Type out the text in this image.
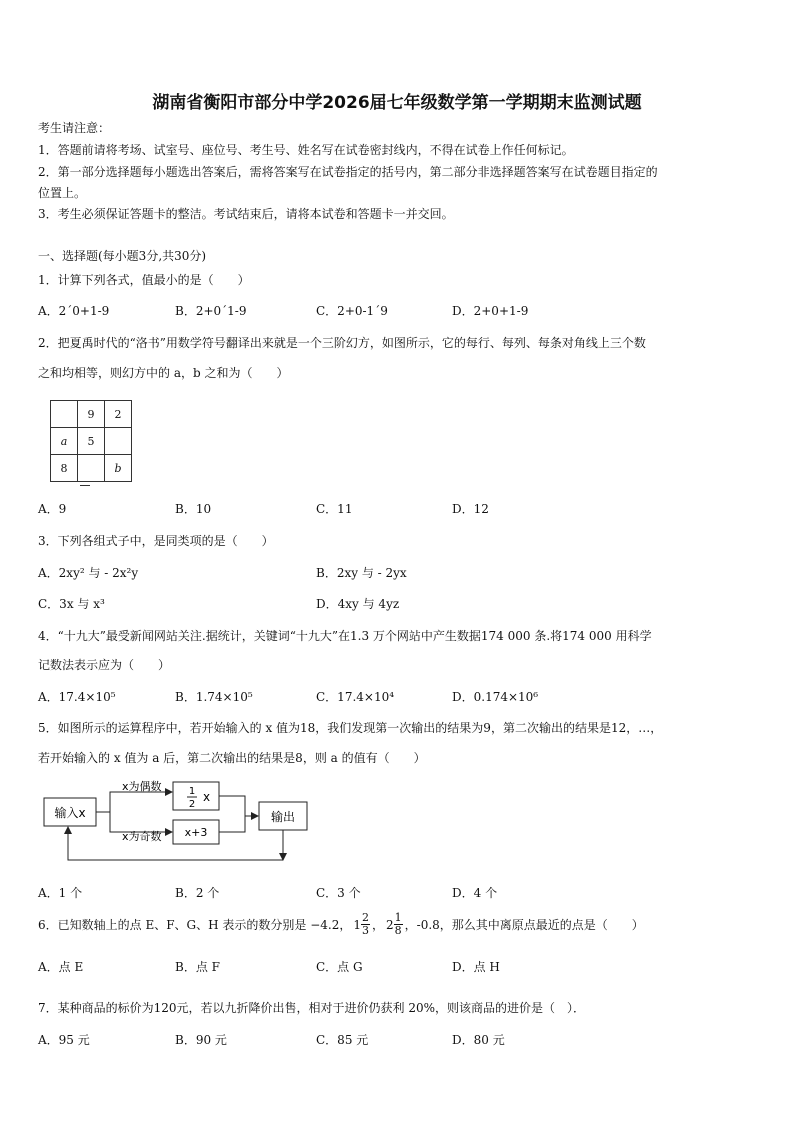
湖南省衡阳市部分中学2026届七年级数学第一学期期末监测试题
考生请注意：
1．答题前请将考场、试室号、座位号、考生号、姓名写在试卷密封线内，不得在试卷上作任何标记。
2．第一部分选择题每小题选出答案后，需将答案写在试卷指定的括号内，第二部分非选择题答案写在试卷题目指定的
位置上。
3．考生必须保证答题卡的整洁。考试结束后，请将本试卷和答题卡一并交回。
一、选择题(每小题3分,共30分)
1．计算下列各式，值最小的是（　　）
A．2´0+1-9	B．2+0´1-9	C．2+0-1´9	D．2+0+1-9
2．把夏禹时代的“洛书”用数学符号翻译出来就是一个三阶幻方，如图所示，它的每行、每列、每条对角线上三个数
之和均相等，则幻方中的 a，b 之和为（　　）
	9	2
a	5	
8		b
A．9	B．10	C．11	D．12
3．下列各组式子中，是同类项的是（　　）
A．2xy² 与 - 2x²y	B．2xy 与 - 2yx
C．3x 与 x³	D．4xy 与 4yz
4．“十九大”最受新闻网站关注.据统计，关键词“十九大”在1.3 万个网站中产生数据174 000 条.将174 000 用科学
记数法表示应为（　　）
A．17.4×10⁵	B．1.74×10⁵	C．17.4×10⁴	D．0.174×10⁶
5．如图所示的运算程序中，若开始输入的 x 值为18，我们发现第一次输出的结果为9，第二次输出的结果是12，…，
若开始输入的 x 值为 a 后，第二次输出的结果是8，则 a 的值有（　　）
输入x
x为偶数
x为奇数
1
2
x
x+3
输出
A．1 个	B．2 个	C．3 个	D．4 个
6．已知数轴上的点 E、F、G、H 表示的数分别是 −4.2， $1 \frac{2}{3}$ ， $2 \frac{1}{8}$ ，-0.8，那么其中离原点最近的点是（　　）
A．点 E	B．点 F	C．点 G	D．点 H
7．某种商品的标价为120元，若以九折降价出售，相对于进价仍获利 20%，则该商品的进价是（　）．
A．95 元	B．90 元	C．85 元	D．80 元
